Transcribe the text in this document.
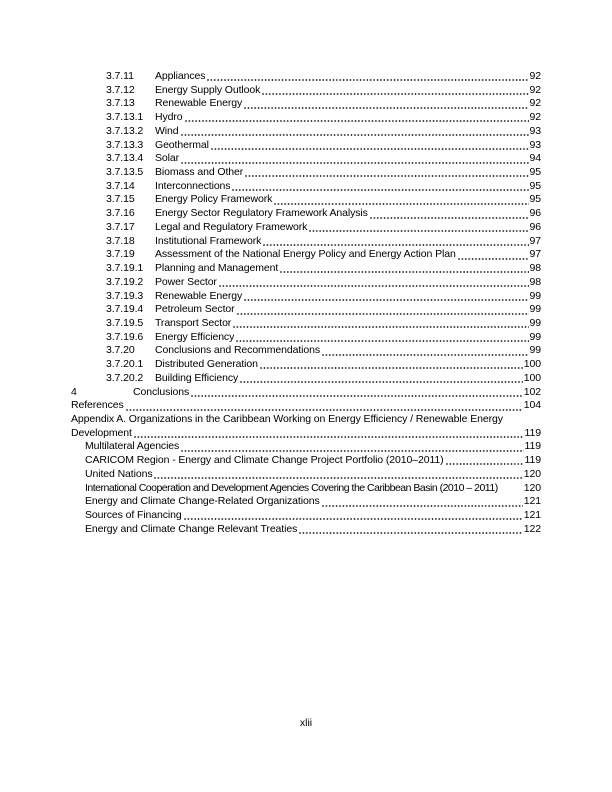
3.7.11	Appliances	92
3.7.12	Energy Supply Outlook	92
3.7.13	Renewable Energy	92
3.7.13.1	Hydro	92
3.7.13.2	Wind	93
3.7.13.3	Geothermal	93
3.7.13.4	Solar	94
3.7.13.5	Biomass and Other	95
3.7.14	Interconnections	95
3.7.15	Energy Policy Framework	95
3.7.16	Energy Sector Regulatory Framework Analysis	96
3.7.17	Legal and Regulatory Framework	96
3.7.18	Institutional Framework	97
3.7.19	Assessment of the National Energy Policy and Energy Action Plan	97
3.7.19.1	Planning and Management	98
3.7.19.2	Power Sector	98
3.7.19.3	Renewable Energy	99
3.7.19.4	Petroleum Sector	99
3.7.19.5	Transport Sector	99
3.7.19.6	Energy Efficiency	99
3.7.20	Conclusions and Recommendations	99
3.7.20.1	Distributed Generation	100
3.7.20.2	Building Efficiency	100
4	Conclusions	102
References	104
Appendix A. Organizations in the Caribbean Working on Energy Efficiency / Renewable Energy
Development	119
Multilateral Agencies	119
CARICOM Region - Energy and Climate Change Project Portfolio (2010–2011)	119
United Nations	120
International Cooperation and Development Agencies Covering the Caribbean Basin (2010 – 2011) 120
Energy and Climate Change-Related Organizations	121
Sources of Financing	121
Energy and Climate Change Relevant Treaties	122
xlii
